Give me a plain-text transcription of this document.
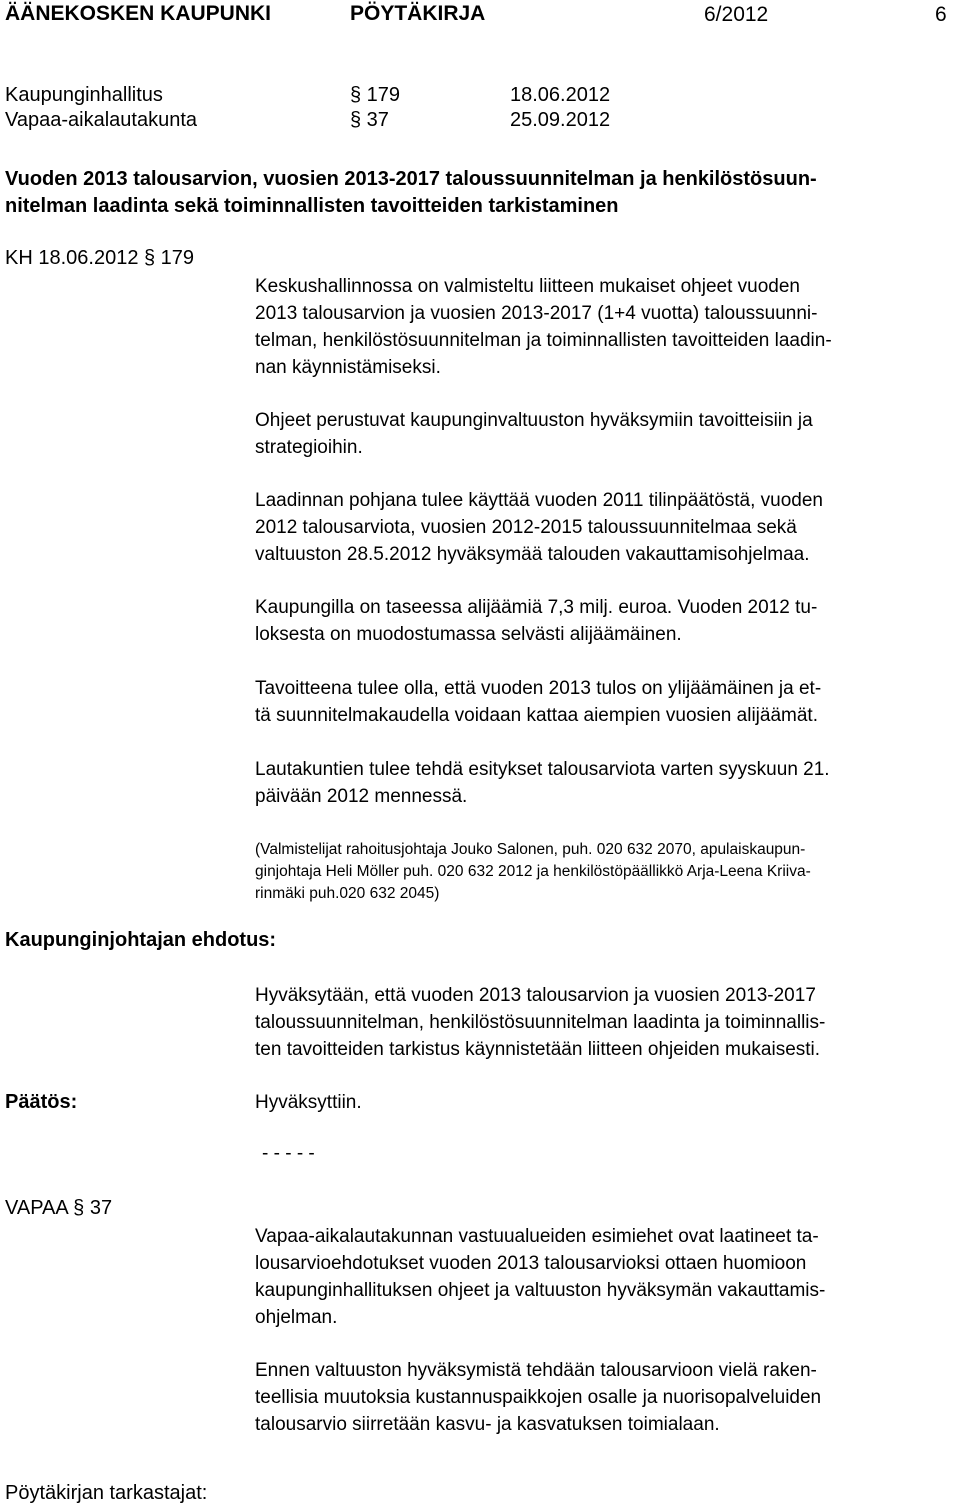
ÄÄNEKOSKEN KAUPUNKI	PÖYTÄKIRJA	6/2012	6
Kaupunginhallitus	§ 179	18.06.2012
Vapaa-aikalautakunta	§ 37	25.09.2012
Vuoden 2013 talousarvion, vuosien 2013-2017 taloussuunnitelman ja henkilöstösuun-
nitelman laadinta sekä toiminnallisten tavoitteiden tarkistaminen
KH 18.06.2012 § 179
Keskushallinnossa on valmisteltu liitteen mukaiset ohjeet vuoden
2013 talousarvion ja vuosien 2013-2017 (1+4 vuotta) taloussuunni-
telman, henkilöstösuunnitelman ja toiminnallisten tavoitteiden laadin-
nan käynnistämiseksi.
Ohjeet perustuvat kaupunginvaltuuston hyväksymiin tavoitteisiin ja
strategioihin.
Laadinnan pohjana tulee käyttää vuoden 2011 tilinpäätöstä, vuoden
2012 talousarviota, vuosien 2012-2015 taloussuunnitelmaa sekä
valtuuston 28.5.2012 hyväksymää talouden vakauttamisohjelmaa.
Kaupungilla on taseessa alijäämiä 7,3 milj. euroa. Vuoden 2012 tu-
loksesta on muodostumassa selvästi alijäämäinen.
Tavoitteena tulee olla, että vuoden 2013 tulos on ylijäämäinen ja et-
tä suunnitelmakaudella voidaan kattaa aiempien vuosien alijäämät.
Lautakuntien tulee tehdä esitykset talousarviota varten syyskuun 21.
päivään 2012 mennessä.
(Valmistelijat rahoitusjohtaja Jouko Salonen, puh. 020 632 2070, apulaiskaupun-
ginjohtaja Heli Möller puh. 020 632 2012 ja henkilöstöpäällikkö Arja-Leena Kriiva-
rinmäki puh.020 632 2045)
Kaupunginjohtajan ehdotus:
Hyväksytään, että vuoden 2013 talousarvion ja vuosien 2013-2017
taloussuunnitelman, henkilöstösuunnitelman laadinta ja toiminnallis-
ten tavoitteiden tarkistus käynnistetään liitteen ohjeiden mukaisesti.
Päätös:	Hyväksyttiin.
- - - - -
VAPAA § 37
Vapaa-aikalautakunnan vastuualueiden esimiehet ovat laatineet ta-
lousarvioehdotukset vuoden 2013 talousarvioksi ottaen huomioon
kaupunginhallituksen ohjeet ja valtuuston hyväksymän vakauttamis-
ohjelman.
Ennen valtuuston hyväksymistä tehdään talousarvioon vielä raken-
teellisia muutoksia kustannuspaikkojen osalle ja nuorisopalveluiden
talousarvio siirretään kasvu- ja kasvatuksen toimialaan.
Pöytäkirjan tarkastajat:
